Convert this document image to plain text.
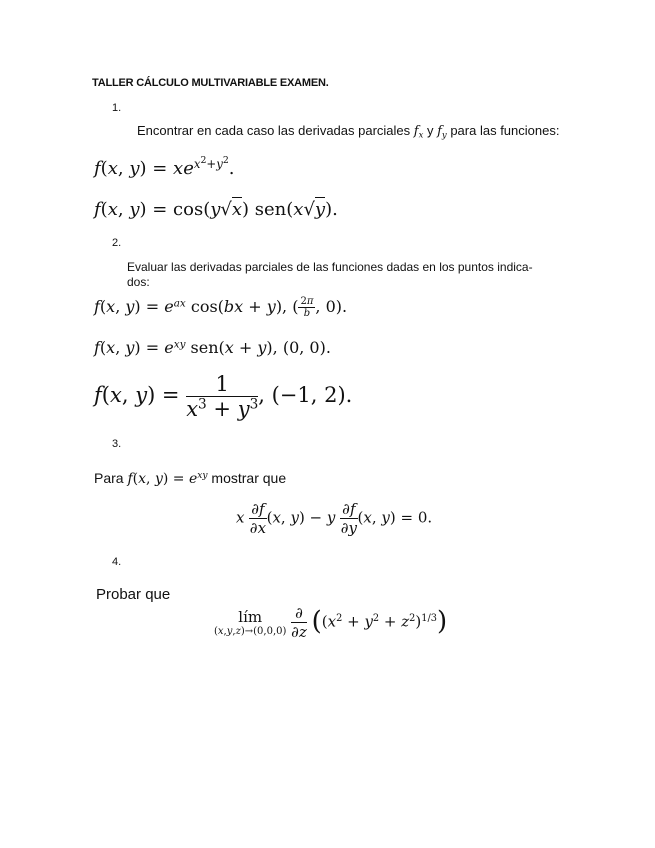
TALLER CÁLCULO MULTIVARIABLE EXAMEN.
1.
Encontrar en cada caso las derivadas parciales $f_x$ y $f_y$ para las funciones:
f(x, $y) = xe^{x^2+y^2}$.
f(x, y) = cos(y√x) sen(x√y).
2.
Evaluar las derivadas parciales de las funciones dadas en los puntos indica-
dos:
f(x, $y) = e^{ax}$ cos(bx + y), ( $\frac{2\pi}{b}$ , 0).
f(x, $y) = e^{xy}$ sen(x + y), (0, 0).
f(x, $y) = \frac{1}{x^3 + y^3}$ , (−1, 2).
3.
Para f(x, $y) = e^{xy}$ mostrar que
x $\frac{\partial f}{\partial x} (x$, y) − y $\frac{\partial f}{\partial y} (x$, y) = 0.
4.
Probar que
lím
(x,y,z)→(0,0,0)
$\frac{\partial}{\partial z} ((x^2 + y^2 + z^2)^{1/3})$
